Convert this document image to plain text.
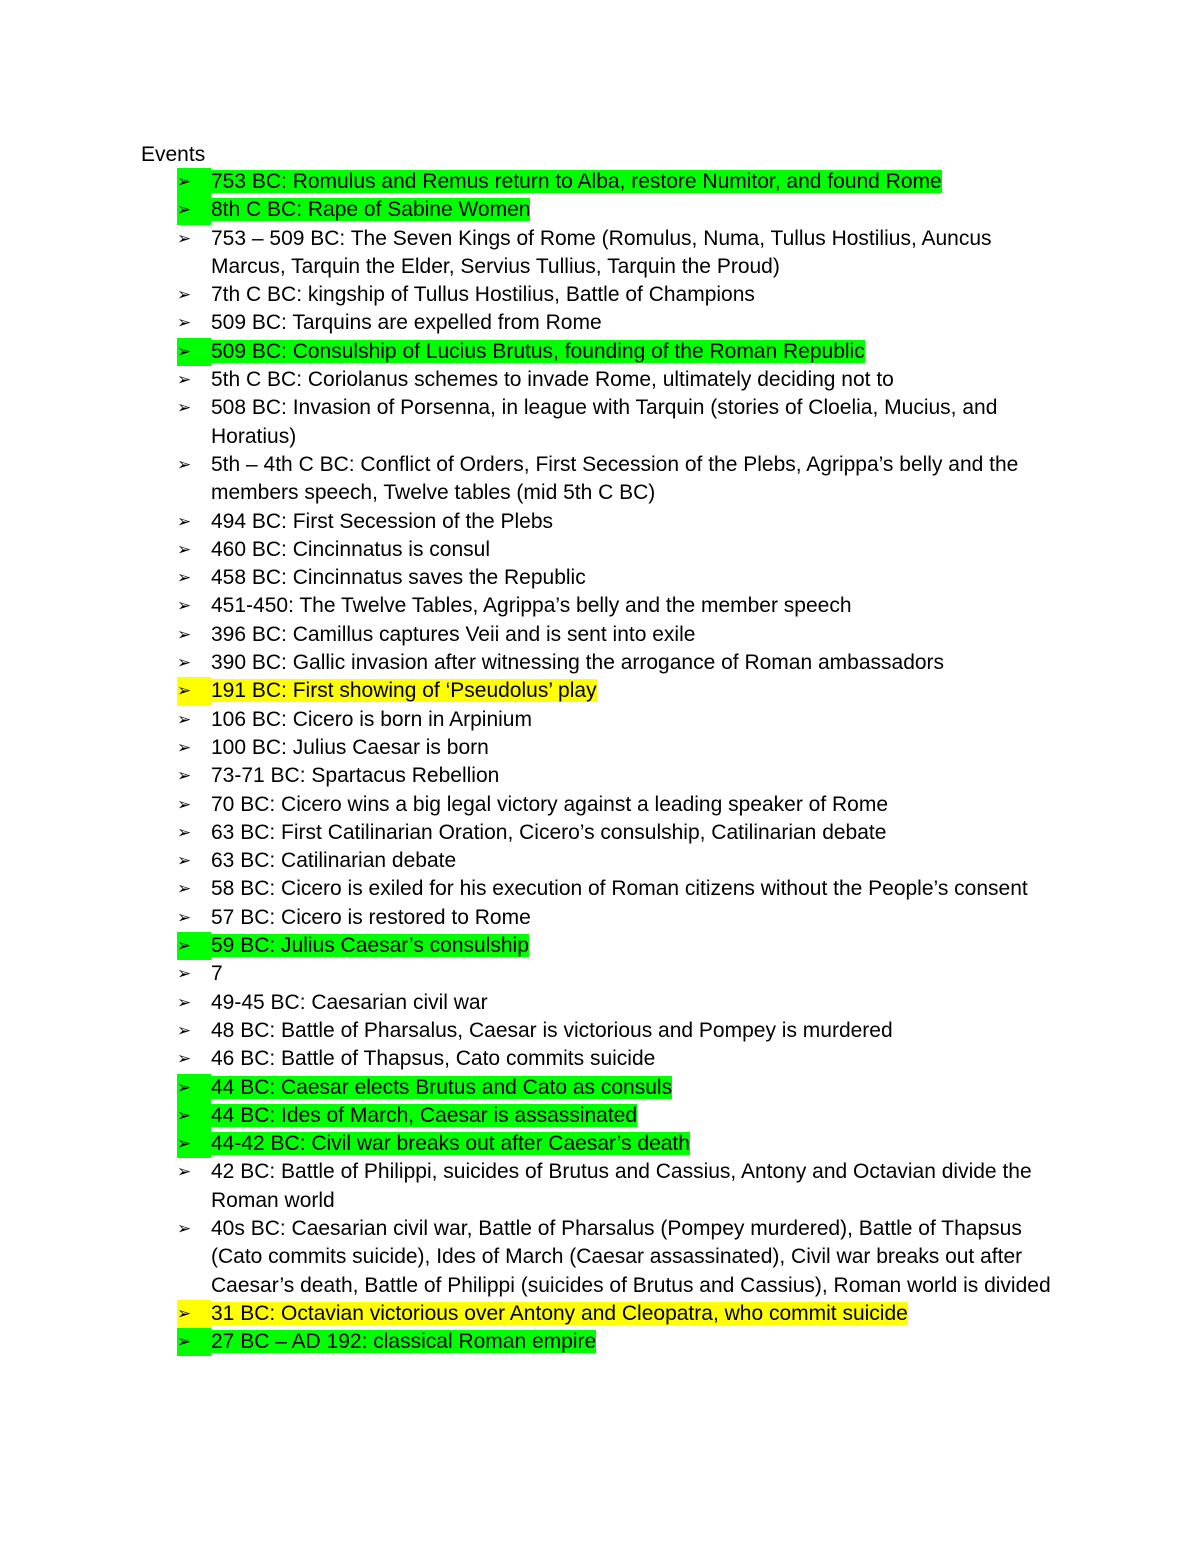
Events
➢ 753 BC: Romulus and Remus return to Alba, restore Numitor, and found Rome
➢ 8th C BC: Rape of Sabine Women
➢ 753 – 509 BC: The Seven Kings of Rome (Romulus, Numa, Tullus Hostilius, Auncus Marcus, Tarquin the Elder, Servius Tullius, Tarquin the Proud)
➢ 7th C BC: kingship of Tullus Hostilius, Battle of Champions
➢ 509 BC: Tarquins are expelled from Rome
➢ 509 BC: Consulship of Lucius Brutus, founding of the Roman Republic
➢ 5th C BC: Coriolanus schemes to invade Rome, ultimately deciding not to
➢ 508 BC: Invasion of Porsenna, in league with Tarquin (stories of Cloelia, Mucius, and Horatius)
➢ 5th – 4th C BC: Conflict of Orders, First Secession of the Plebs, Agrippa’s belly and the members speech, Twelve tables (mid 5th C BC)
➢ 494 BC: First Secession of the Plebs
➢ 460 BC: Cincinnatus is consul
➢ 458 BC: Cincinnatus saves the Republic
➢ 451-450: The Twelve Tables, Agrippa’s belly and the member speech
➢ 396 BC: Camillus captures Veii and is sent into exile
➢ 390 BC: Gallic invasion after witnessing the arrogance of Roman ambassadors
➢ 191 BC: First showing of ‘Pseudolus’ play
➢ 106 BC: Cicero is born in Arpinium
➢ 100 BC: Julius Caesar is born
➢ 73-71 BC: Spartacus Rebellion
➢ 70 BC: Cicero wins a big legal victory against a leading speaker of Rome
➢ 63 BC: First Catilinarian Oration, Cicero’s consulship, Catilinarian debate
➢ 63 BC: Catilinarian debate
➢ 58 BC: Cicero is exiled for his execution of Roman citizens without the People’s consent
➢ 57 BC: Cicero is restored to Rome
➢ 59 BC: Julius Caesar’s consulship
➢ 7
➢ 49-45 BC: Caesarian civil war
➢ 48 BC: Battle of Pharsalus, Caesar is victorious and Pompey is murdered
➢ 46 BC: Battle of Thapsus, Cato commits suicide
➢ 44 BC: Caesar elects Brutus and Cato as consuls
➢ 44 BC: Ides of March, Caesar is assassinated
➢ 44-42 BC: Civil war breaks out after Caesar’s death
➢ 42 BC: Battle of Philippi, suicides of Brutus and Cassius, Antony and Octavian divide the Roman world
➢ 40s BC: Caesarian civil war, Battle of Pharsalus (Pompey murdered), Battle of Thapsus (Cato commits suicide), Ides of March (Caesar assassinated), Civil war breaks out after Caesar’s death, Battle of Philippi (suicides of Brutus and Cassius), Roman world is divided
➢ 31 BC: Octavian victorious over Antony and Cleopatra, who commit suicide
➢ 27 BC – AD 192: classical Roman empire
